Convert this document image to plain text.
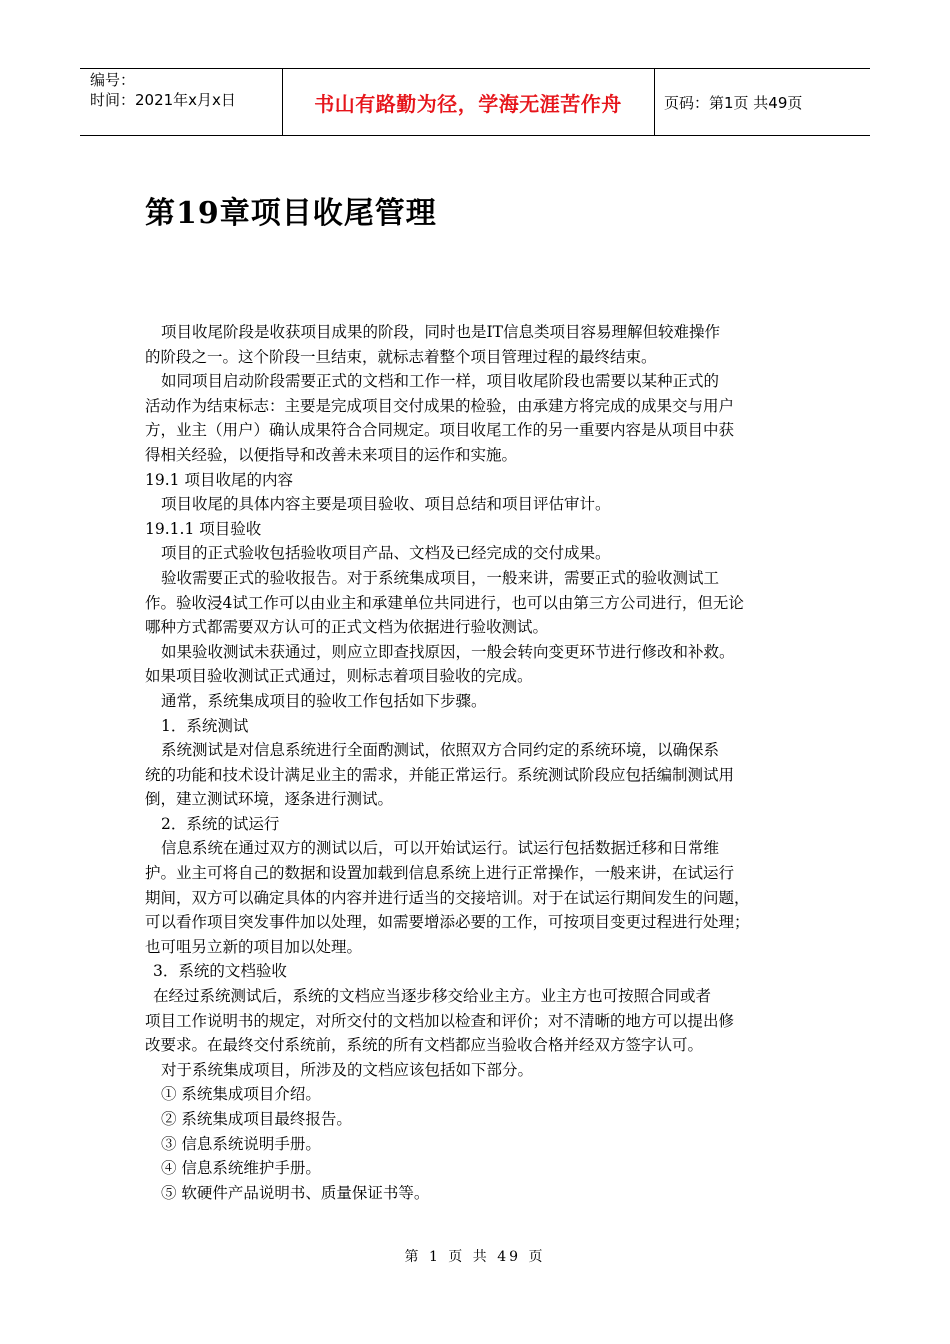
编号：
时间：2021年x月x日	书山有路勤为径，学海无涯苦作舟	页码：第1页 共49页
第19章项目收尾管理
项目收尾阶段是收获项目成果的阶段，同时也是IT信息类项目容易理解但较难操作
的阶段之一。这个阶段一旦结束，就标志着整个项目管理过程的最终结束。
如同项目启动阶段需要正式的文档和工作一样，项目收尾阶段也需要以某种正式的
活动作为结束标志：主要是完成项目交付成果的检验，由承建方将完成的成果交与用户
方，业主（用户）确认成果符合合同规定。项目收尾工作的另一重要内容是从项目中获
得相关经验，以便指导和改善未来项目的运作和实施。
19.1 项目收尾的内容
项目收尾的具体内容主要是项目验收、项目总结和项目评估审计。
19.1.1 项目验收
项目的正式验收包括验收项目产品、文档及已经完成的交付成果。
验收需要正式的验收报告。对于系统集成项目，一般来讲，需要正式的验收测试工
作。验收浸4试工作可以由业主和承建单位共同进行，也可以由第三方公司进行，但无论
哪种方式都需要双方认可的正式文档为依据进行验收测试。
如果验收测试未获通过，则应立即查找原因，一般会转向变更环节进行修改和补救。
如果项目验收测试正式通过，则标志着项目验收的完成。
通常，系统集成项目的验收工作包括如下步骤。
1．系统测试
系统测试是对信息系统进行全面酌测试，依照双方合同约定的系统环境，以确保系
统的功能和技术设计满足业主的需求，并能正常运行。系统测试阶段应包括编制测试用
倒，建立测试环境，逐条进行测试。
2．系统的试运行
信息系统在通过双方的测试以后，可以开始试运行。试运行包括数据迁移和日常维
护。业主可将自己的数据和设置加载到信息系统上进行正常操作，一般来讲，在试运行
期间，双方可以确定具体的内容并进行适当的交接培训。对于在试运行期间发生的问题，
可以看作项目突发事件加以处理，如需要增添必要的工作，可按项目变更过程进行处理；
也可咀另立新的项目加以处理。
3．系统的文档验收
在经过系统测试后，系统的文档应当逐步移交给业主方。业主方也可按照合同或者
项目工作说明书的规定，对所交付的文档加以检查和评价；对不清晰的地方可以提出修
改要求。在最终交付系统前，系统的所有文档都应当验收合格并经双方签字认可。
对于系统集成项目，所涉及的文档应该包括如下部分。
① 系统集成项目介绍。
② 系统集成项目最终报告。
③ 信息系统说明手册。
④ 信息系统维护手册。
⑤ 软硬件产品说明书、质量保证书等。
第 1 页 共 49 页
